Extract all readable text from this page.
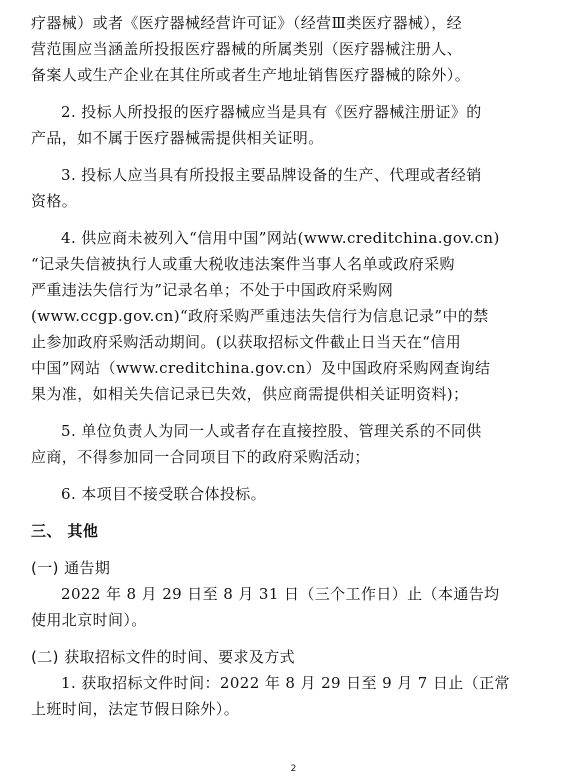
疗器械）或者《医疗器械经营许可证》（经营Ⅲ类医疗器械），经
营范围应当涵盖所投报医疗器械的所属类别（医疗器械注册人、
备案人或生产企业在其住所或者生产地址销售医疗器械的除外）。
2. 投标人所投报的医疗器械应当是具有《医疗器械注册证》的
产品，如不属于医疗器械需提供相关证明。
3. 投标人应当具有所投报主要品牌设备的生产、代理或者经销
资格。
4. 供应商未被列入“信用中国”网站(www.creditchina.gov.cn)
“记录失信被执行人或重大税收违法案件当事人名单或政府采购
严重违法失信行为”记录名单；不处于中国政府采购网
(www.ccgp.gov.cn)“政府采购严重违法失信行为信息记录”中的禁
止参加政府采购活动期间。(以获取招标文件截止日当天在“信用
中国”网站（www.creditchina.gov.cn）及中国政府采购网查询结
果为准，如相关失信记录已失效，供应商需提供相关证明资料)；
5. 单位负责人为同一人或者存在直接控股、管理关系的不同供
应商，不得参加同一合同项目下的政府采购活动；
6. 本项目不接受联合体投标。
三、 其他
(一) 通告期
2022 年 8 月 29 日至 8 月 31 日（三个工作日）止（本通告均
使用北京时间）。
(二) 获取招标文件的时间、要求及方式
1. 获取招标文件时间：2022 年 8 月 29 日至 9 月 7 日止（正常
上班时间，法定节假日除外）。
2
